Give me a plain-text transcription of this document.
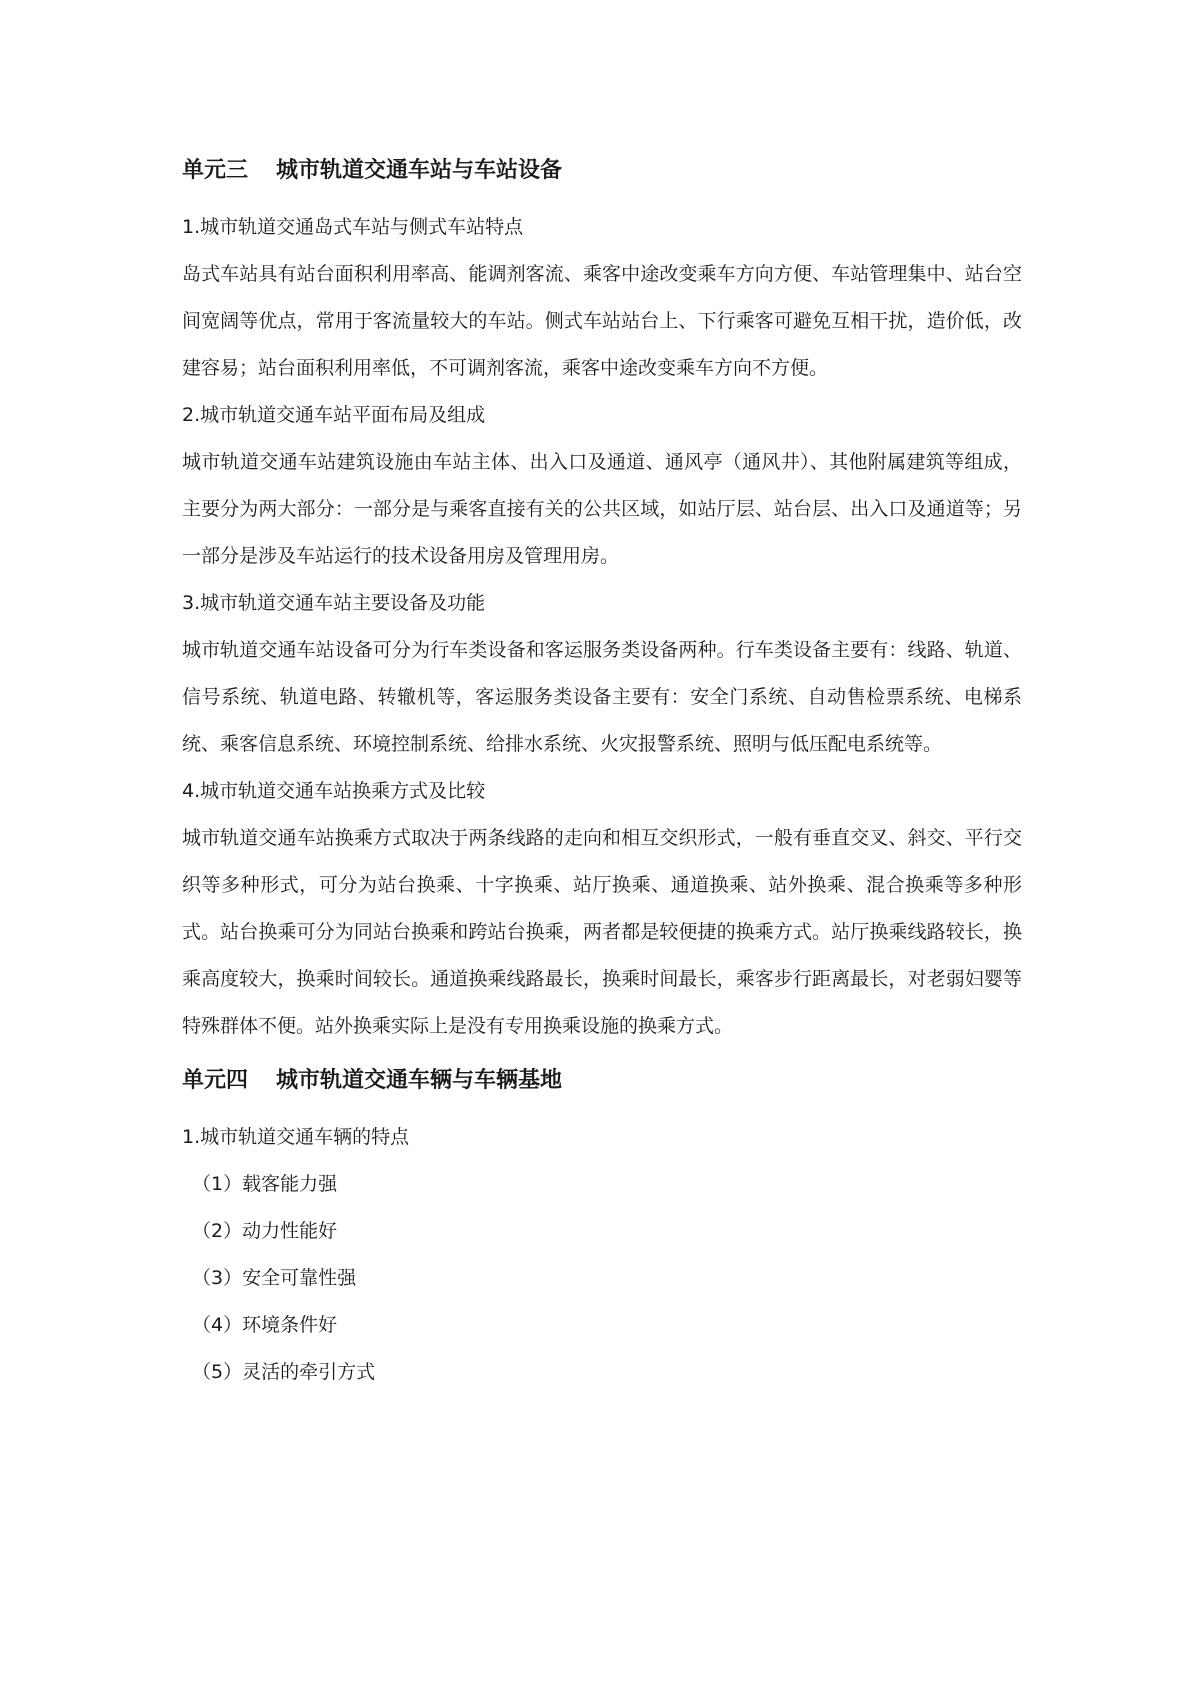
单元三 城市轨道交通车站与车站设备

1.城市轨道交通岛式车站与侧式车站特点

岛式车站具有站台面积利用率高、能调剂客流、乘客中途改变乘车方向方便、车站管理集中、站台空间宽阔等优点，常用于客流量较大的车站。侧式车站站台上、下行乘客可避免互相干扰，造价低，改建容易；站台面积利用率低，不可调剂客流，乘客中途改变乘车方向不方便。

2.城市轨道交通车站平面布局及组成

城市轨道交通车站建筑设施由车站主体、出入口及通道、通风亭（通风井）、其他附属建筑等组成，主要分为两大部分：一部分是与乘客直接有关的公共区域，如站厅层、站台层、出入口及通道等；另一部分是涉及车站运行的技术设备用房及管理用房。

3.城市轨道交通车站主要设备及功能

城市轨道交通车站设备可分为行车类设备和客运服务类设备两种。行车类设备主要有：线路、轨道、信号系统、轨道电路、转辙机等，客运服务类设备主要有：安全门系统、自动售检票系统、电梯系统、乘客信息系统、环境控制系统、给排水系统、火灾报警系统、照明与低压配电系统等。

4.城市轨道交通车站换乘方式及比较

城市轨道交通车站换乘方式取决于两条线路的走向和相互交织形式，一般有垂直交叉、斜交、平行交织等多种形式，可分为站台换乘、十字换乘、站厅换乘、通道换乘、站外换乘、混合换乘等多种形式。站台换乘可分为同站台换乘和跨站台换乘，两者都是较便捷的换乘方式。站厅换乘线路较长，换乘高度较大，换乘时间较长。通道换乘线路最长，换乘时间最长，乘客步行距离最长，对老弱妇婴等特殊群体不便。站外换乘实际上是没有专用换乘设施的换乘方式。

单元四 城市轨道交通车辆与车辆基地

1.城市轨道交通车辆的特点

（1）载客能力强

（2）动力性能好

（3）安全可靠性强

（4）环境条件好

（5）灵活的牵引方式
